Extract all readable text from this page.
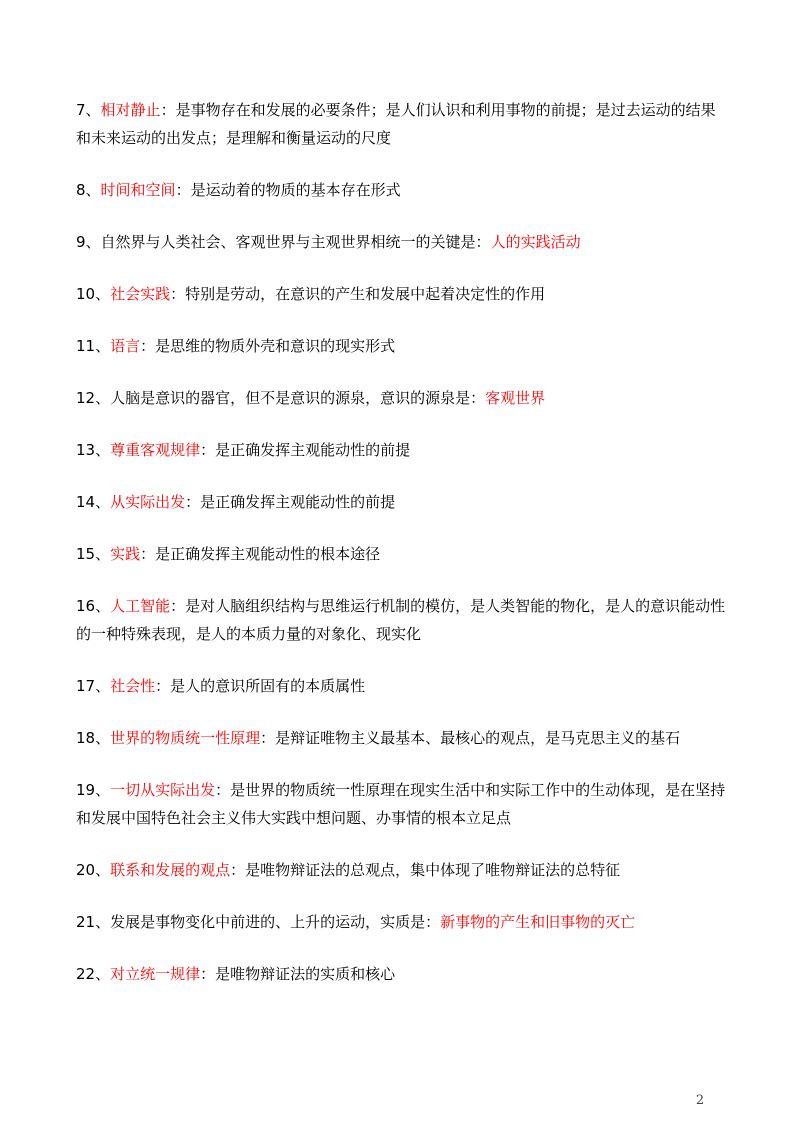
7、相对静止：是事物存在和发展的必要条件；是人们认识和利用事物的前提；是过去运动的结果和未来运动的出发点；是理解和衡量运动的尺度

8、时间和空间：是运动着的物质的基本存在形式

9、自然界与人类社会、客观世界与主观世界相统一的关键是：人的实践活动

10、社会实践：特别是劳动，在意识的产生和发展中起着决定性的作用

11、语言：是思维的物质外壳和意识的现实形式

12、人脑是意识的器官，但不是意识的源泉，意识的源泉是：客观世界

13、尊重客观规律：是正确发挥主观能动性的前提

14、从实际出发：是正确发挥主观能动性的前提

15、实践：是正确发挥主观能动性的根本途径

16、人工智能：是对人脑组织结构与思维运行机制的模仿，是人类智能的物化，是人的意识能动性的一种特殊表现，是人的本质力量的对象化、现实化

17、社会性：是人的意识所固有的本质属性

18、世界的物质统一性原理：是辩证唯物主义最基本、最核心的观点，是马克思主义的基石

19、一切从实际出发：是世界的物质统一性原理在现实生活中和实际工作中的生动体现，是在坚持和发展中国特色社会主义伟大实践中想问题、办事情的根本立足点

20、联系和发展的观点：是唯物辩证法的总观点，集中体现了唯物辩证法的总特征

21、发展是事物变化中前进的、上升的运动，实质是：新事物的产生和旧事物的灭亡

22、对立统一规律：是唯物辩证法的实质和核心

2
